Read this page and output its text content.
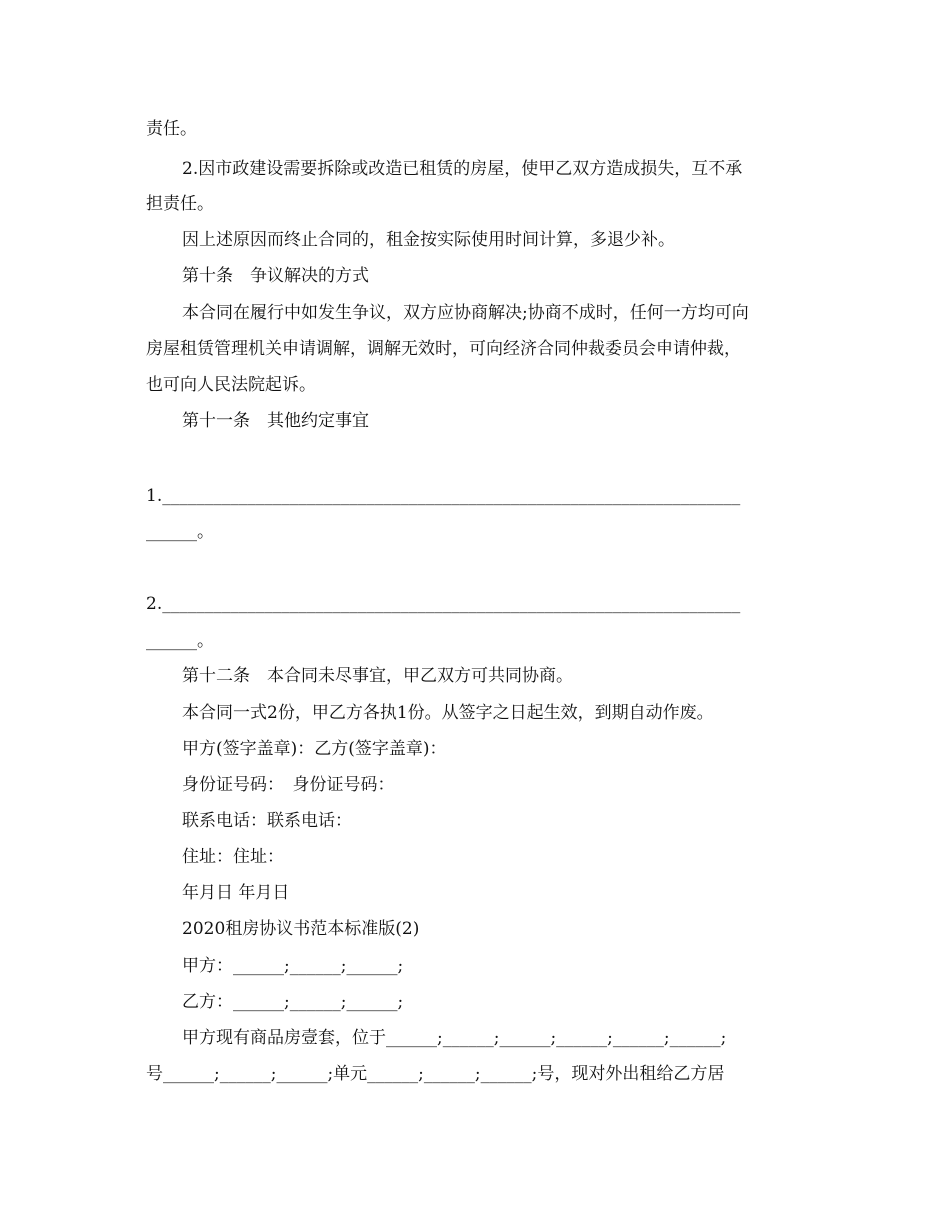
责任。
2.因市政建设需要拆除或改造已租赁的房屋，使甲乙双方造成损失，互不承
担责任。
因上述原因而终止合同的，租金按实际使用时间计算，多退少补。
第十条　争议解决的方式
本合同在履行中如发生争议，双方应协商解决;协商不成时，任何一方均可向
房屋租赁管理机关申请调解，调解无效时，可向经济合同仲裁委员会申请仲裁，
也可向人民法院起诉。
第十一条　其他约定事宜
1.____________________________________________________________________
______。
2.____________________________________________________________________
______。
第十二条　本合同未尽事宜，甲乙双方可共同协商。
本合同一式2份，甲乙方各执1份。从签字之日起生效，到期自动作废。
甲方(签字盖章)：乙方(签字盖章)：
身份证号码：　身份证号码：
联系电话：联系电话：
住址：住址：
年月日 年月日
2020租房协议书范本标准版(2)
甲方：______;______;______;
乙方：______;______;______;
甲方现有商品房壹套，位于______;______;______;______;______;______;
号______;______;______;单元______;______;______;号，现对外出租给乙方居
